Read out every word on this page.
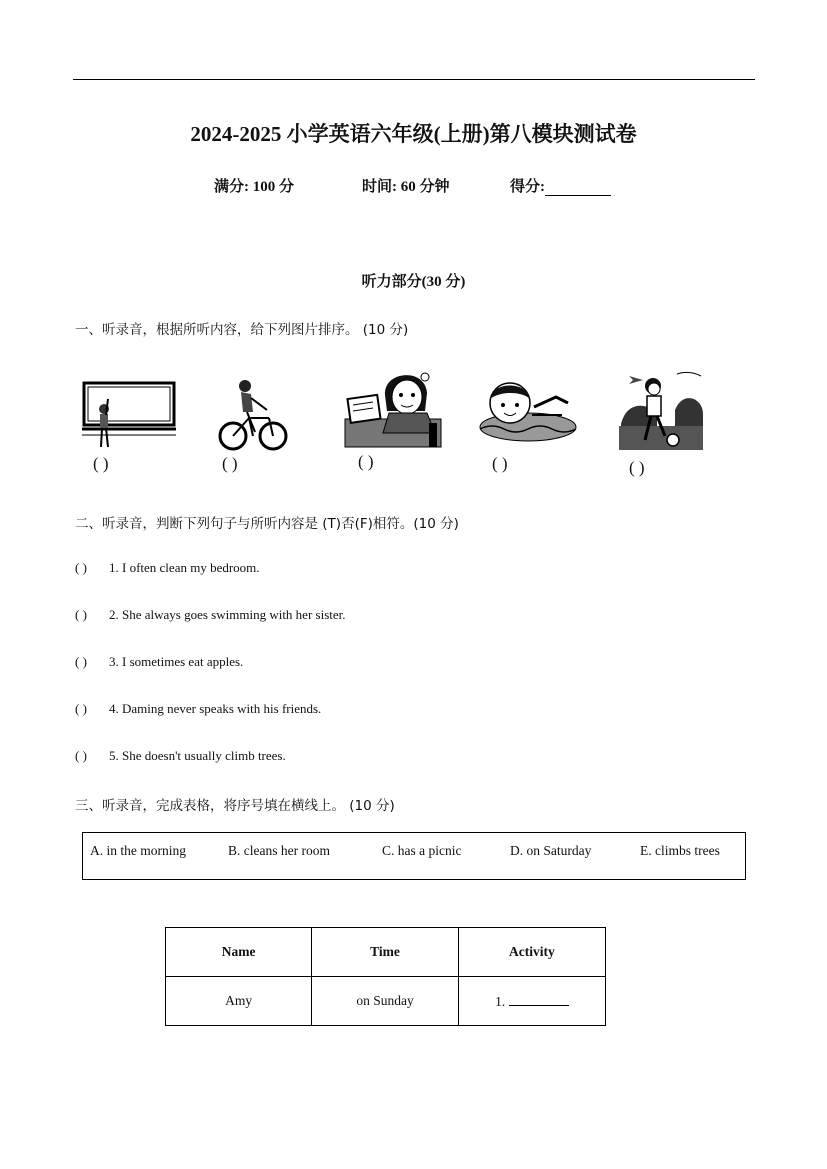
2024-2025 小学英语六年级(上册)第八模块测试卷
满分: 100 分	时间: 60 分钟	得分:
听力部分(30 分)
一、听录音，根据所听内容，给下列图片排序。 (10 分)
( )	( )	( )	( )	( )
二、听录音，判断下列句子与所听内容是 (T)否(F)相符。(10 分)
( ) 1. I often clean my bedroom.
( ) 2. She always goes swimming with her sister.
( ) 3. I sometimes eat apples.
( ) 4. Daming never speaks with his friends.
( ) 5. She doesn't usually climb trees.
三、听录音，完成表格，将序号填在横线上。 (10 分)
A. in the morning	B. cleans her room	C. has a picnic	D. on Saturday	E. climbs trees
Name	Time	Activity
Amy	on Sunday	1.
